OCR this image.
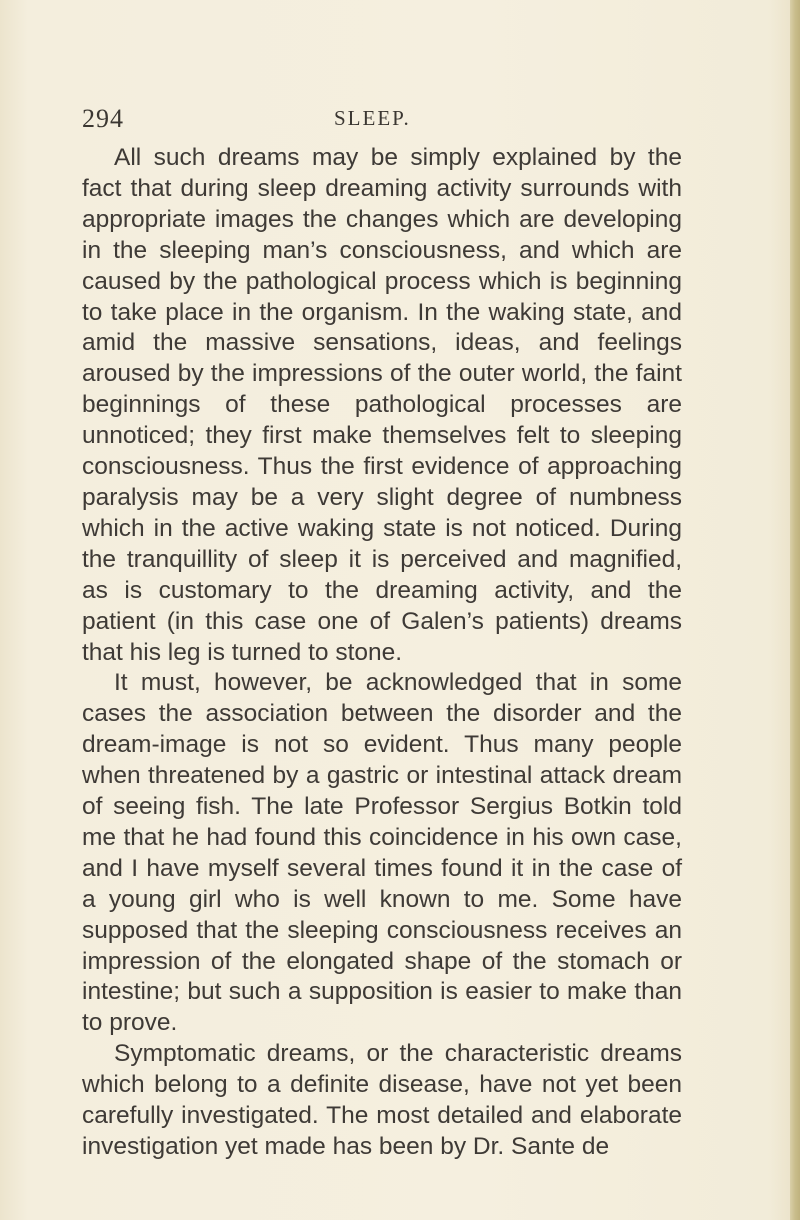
294	SLEEP.

All such dreams may be simply explained by the fact that during sleep dreaming activity surrounds with appropriate images the changes which are developing in the sleeping man’s consciousness, and which are caused by the pathological process which is beginning to take place in the organism. In the waking state, and amid the massive sensations, ideas, and feelings aroused by the impressions of the outer world, the faint beginnings of these pathological processes are unnoticed; they first make themselves felt to sleeping consciousness. Thus the first evidence of approaching paralysis may be a very slight degree of numbness which in the active waking state is not noticed. During the tranquillity of sleep it is perceived and magnified, as is customary to the dreaming activity, and the patient (in this case one of Galen’s patients) dreams that his leg is turned to stone.

It must, however, be acknowledged that in some cases the association between the disorder and the dream-image is not so evident. Thus many people when threatened by a gastric or intestinal attack dream of seeing fish. The late Professor Sergius Botkin told me that he had found this coincidence in his own case, and I have myself several times found it in the case of a young girl who is well known to me. Some have supposed that the sleeping consciousness receives an impression of the elongated shape of the stomach or intestine; but such a supposition is easier to make than to prove.

Symptomatic dreams, or the characteristic dreams which belong to a definite disease, have not yet been carefully investigated. The most detailed and elaborate investigation yet made has been by Dr. Sante de
